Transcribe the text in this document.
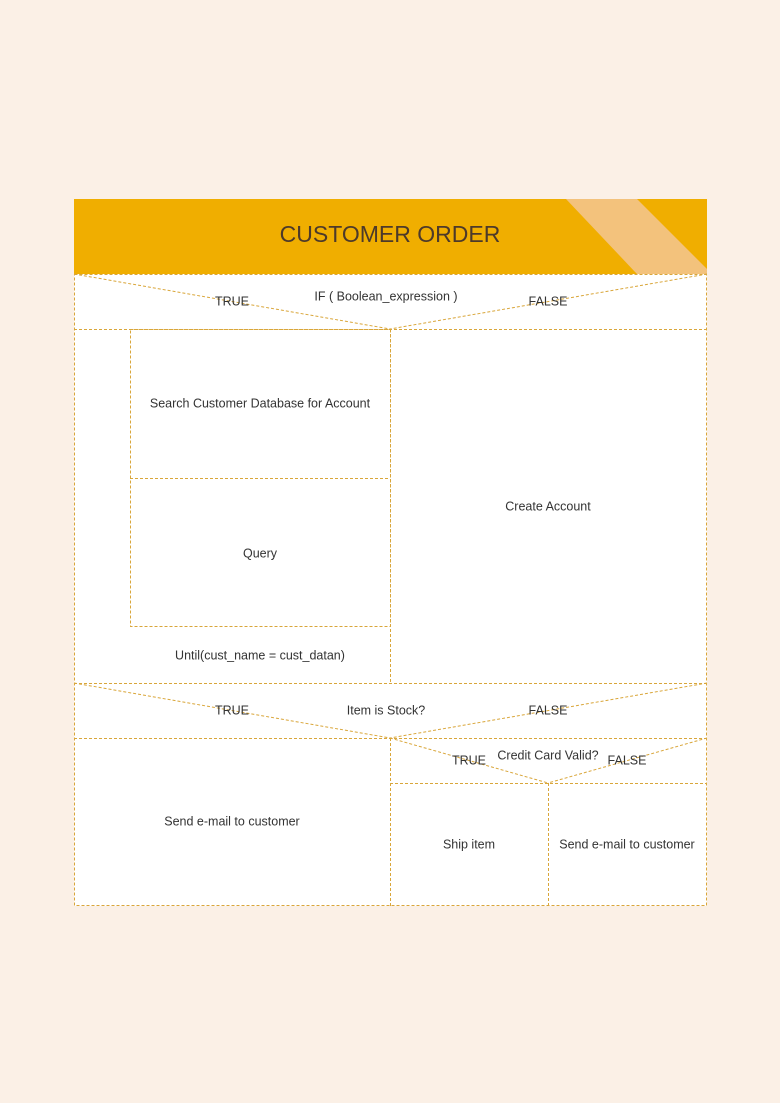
CUSTOMER ORDER
IF ( Boolean_expression )
TRUE	FALSE
Search Customer Database for Account
Query
Until(cust_name = cust_datan)
Create Account
Item is Stock?
TRUE	FALSE
Send e-mail to customer
Credit Card Valid?
TRUE	FALSE
Ship item	Send e-mail to customer
